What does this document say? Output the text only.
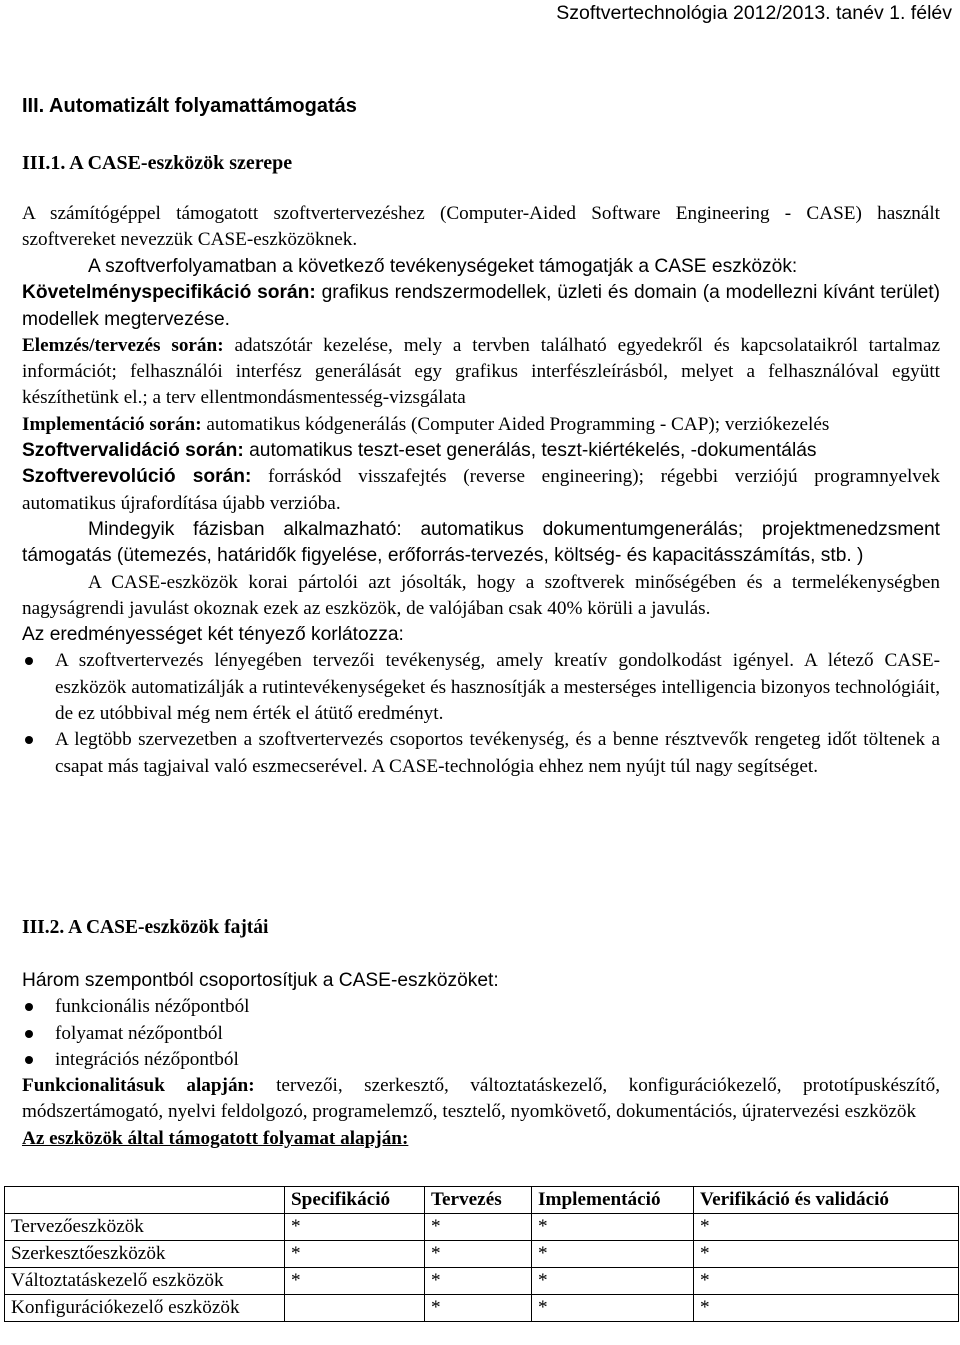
Szoftvertechnológia 2012/2013. tanév 1. félév
III. Automatizált folyamattámogatás
III.1. A CASE-eszközök szerepe
A számítógéppel támogatott szoftvertervezéshez (Computer-Aided Software Engineering - CASE) használt szoftvereket nevezzük CASE-eszközöknek.
A szoftverfolyamatban a következő tevékenységeket támogatják a CASE eszközök:
Követelményspecifikáció során: grafikus rendszermodellek, üzleti és domain (a modellezni kívánt terület) modellek megtervezése.
Elemzés/tervezés során: adatszótár kezelése, mely a tervben található egyedekről és kapcsolataikról tartalmaz információt; felhasználói interfész generálását egy grafikus interfészleírásból, melyet a felhasználóval együtt készíthetünk el.; a terv ellentmondásmentesség-vizsgálata
Implementáció során: automatikus kódgenerálás (Computer Aided Programming - CAP); verziókezelés
Szoftvervalidáció során: automatikus teszt-eset generálás, teszt-kiértékelés, -dokumentálás
Szoftverevolúció során: forráskód visszafejtés (reverse engineering); régebbi verziójú programnyelvek automatikus újrafordítása újabb verzióba.
Mindegyik fázisban alkalmazható: automatikus dokumentumgenerálás; projektmenedzsment támogatás (ütemezés, határidők figyelése, erőforrás-tervezés, költség- és kapacitásszámítás, stb. )
A CASE-eszközök korai pártolói azt jósolták, hogy a szoftverek minőségében és a termelékenységben nagyságrendi javulást okoznak ezek az eszközök, de valójában csak 40% körüli a javulás.
Az eredményességet két tényező korlátozza:
A szoftvertervezés lényegében tervezői tevékenység, amely kreatív gondolkodást igényel. A létező CASE-eszközök automatizálják a rutintevékenységeket és hasznosítják a mesterséges intelligencia bizonyos technológiáit, de ez utóbbival még nem érték el átütő eredményt.
A legtöbb szervezetben a szoftvertervezés csoportos tevékenység, és a benne résztvevők rengeteg időt töltenek a csapat más tagjaival való eszmecserével. A CASE-technológia ehhez nem nyújt túl nagy segítséget.
III.2. A CASE-eszközök fajtái
Három szempontból csoportosítjuk a CASE-eszközöket:
funkcionális nézőpontból
folyamat nézőpontból
integrációs nézőpontból
Funkcionalitásuk alapján: tervezői, szerkesztő, változtatáskezelő, konfigurációkezelő, prototípuskészítő, módszertámogató, nyelvi feldolgozó, programelemző, tesztelő, nyomkövető, dokumentációs, újratervezési eszközök
Az eszközök által támogatott folyamat alapján:
	Specifikáció	Tervezés	Implementáció	Verifikáció és validáció
Tervezőeszközök	*	*	*	*
Szerkesztőeszközök	*	*	*	*
Változtatáskezelő eszközök	*	*	*	*
Konfigurációkezelő eszközök		*	*	*
